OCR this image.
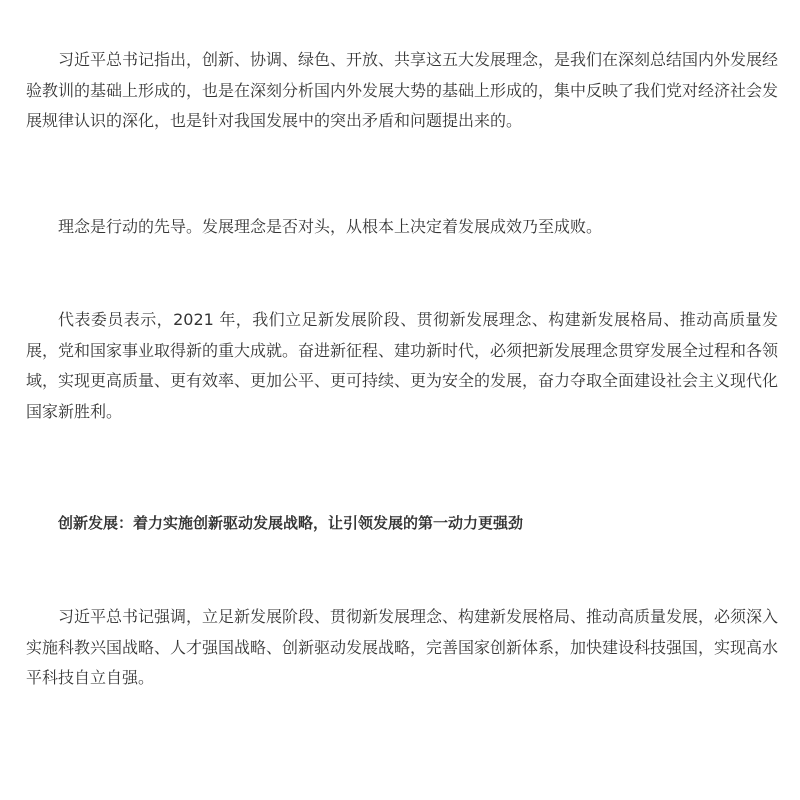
习近平总书记指出，创新、协调、绿色、开放、共享这五大发展理念，是我们在深刻总结国内外发展经验教训的基础上形成的，也是在深刻分析国内外发展大势的基础上形成的，集中反映了我们党对经济社会发展规律认识的深化，也是针对我国发展中的突出矛盾和问题提出来的。

理念是行动的先导。发展理念是否对头，从根本上决定着发展成效乃至成败。

代表委员表示，2021 年，我们立足新发展阶段、贯彻新发展理念、构建新发展格局、推动高质量发展，党和国家事业取得新的重大成就。奋进新征程、建功新时代，必须把新发展理念贯穿发展全过程和各领域，实现更高质量、更有效率、更加公平、更可持续、更为安全的发展，奋力夺取全面建设社会主义现代化国家新胜利。

创新发展：着力实施创新驱动发展战略，让引领发展的第一动力更强劲

习近平总书记强调，立足新发展阶段、贯彻新发展理念、构建新发展格局、推动高质量发展，必须深入实施科教兴国战略、人才强国战略、创新驱动发展战略，完善国家创新体系，加快建设科技强国，实现高水平科技自立自强。
